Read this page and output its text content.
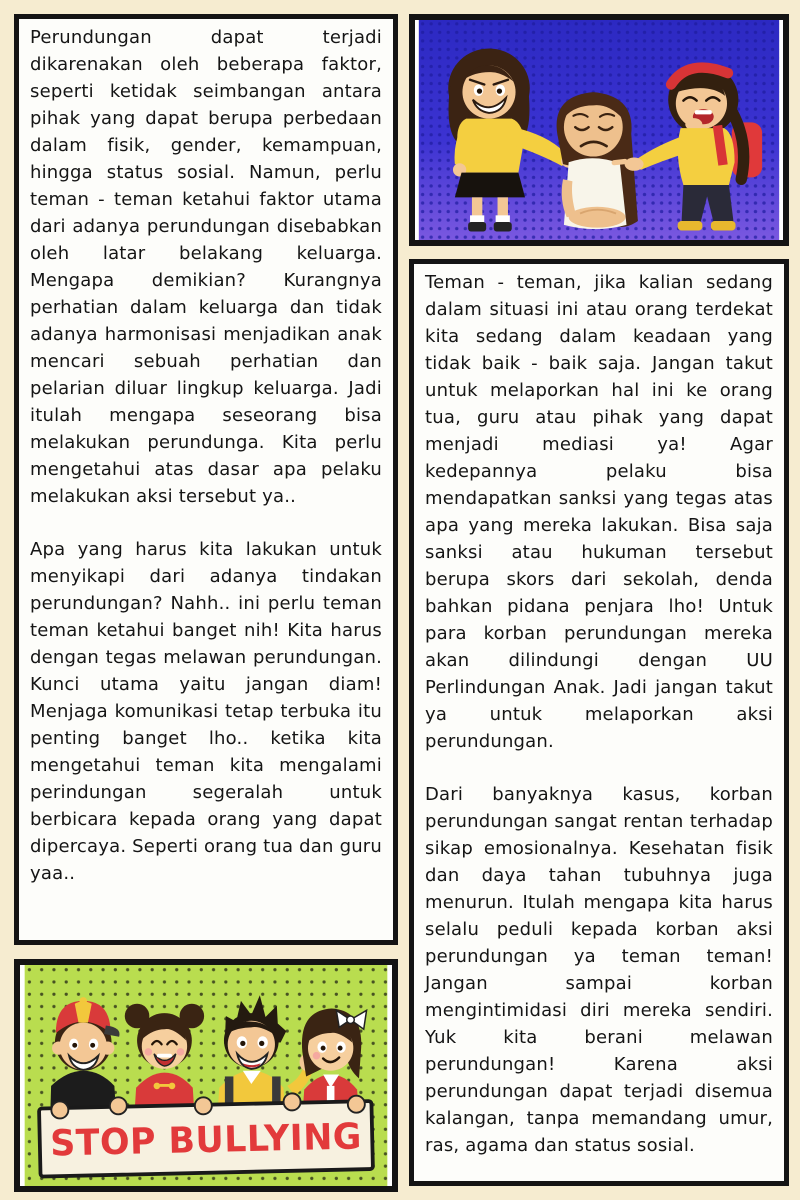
Perundungan dapat terjadi dikarenakan oleh beberapa faktor, seperti ketidak seimbangan antara pihak yang dapat berupa perbedaan dalam fisik, gender, kemampuan, hingga status sosial. Namun, perlu teman - teman ketahui faktor utama dari adanya perundungan disebabkan oleh latar belakang keluarga. Mengapa demikian? Kurangnya perhatian dalam keluarga dan tidak adanya harmonisasi menjadikan anak mencari sebuah perhatian dan pelarian diluar lingkup keluarga. Jadi itulah mengapa seseorang bisa melakukan perundunga. Kita perlu mengetahui atas dasar apa pelaku melakukan aksi tersebut ya..

Apa yang harus kita lakukan untuk menyikapi dari adanya tindakan perundungan? Nahh.. ini perlu teman teman ketahui banget nih! Kita harus dengan tegas melawan perundungan. Kunci utama yaitu jangan diam! Menjaga komunikasi tetap terbuka itu penting banget lho.. ketika kita mengetahui teman kita mengalami perindungan segeralah untuk berbicara kepada orang yang dapat dipercaya. Seperti orang tua dan guru yaa..

Teman - teman, jika kalian sedang dalam situasi ini atau orang terdekat kita sedang dalam keadaan yang tidak baik - baik saja. Jangan takut untuk melaporkan hal ini ke orang tua, guru atau pihak yang dapat menjadi mediasi ya! Agar kedepannya pelaku bisa mendapatkan sanksi yang tegas atas apa yang mereka lakukan. Bisa saja sanksi atau hukuman tersebut berupa skors dari sekolah, denda bahkan pidana penjara lho! Untuk para korban perundungan mereka akan dilindungi dengan UU Perlindungan Anak. Jadi jangan takut ya untuk melaporkan aksi perundungan.

Dari banyaknya kasus, korban perundungan sangat rentan terhadap sikap emosionalnya. Kesehatan fisik dan daya tahan tubuhnya juga menurun. Itulah mengapa kita harus selalu peduli kepada korban aksi perundungan ya teman teman! Jangan sampai korban mengintimidasi diri mereka sendiri. Yuk kita berani melawan perundungan! Karena aksi perundungan dapat terjadi disemua kalangan, tanpa memandang umur, ras, agama dan status sosial.

STOP BULLYING
